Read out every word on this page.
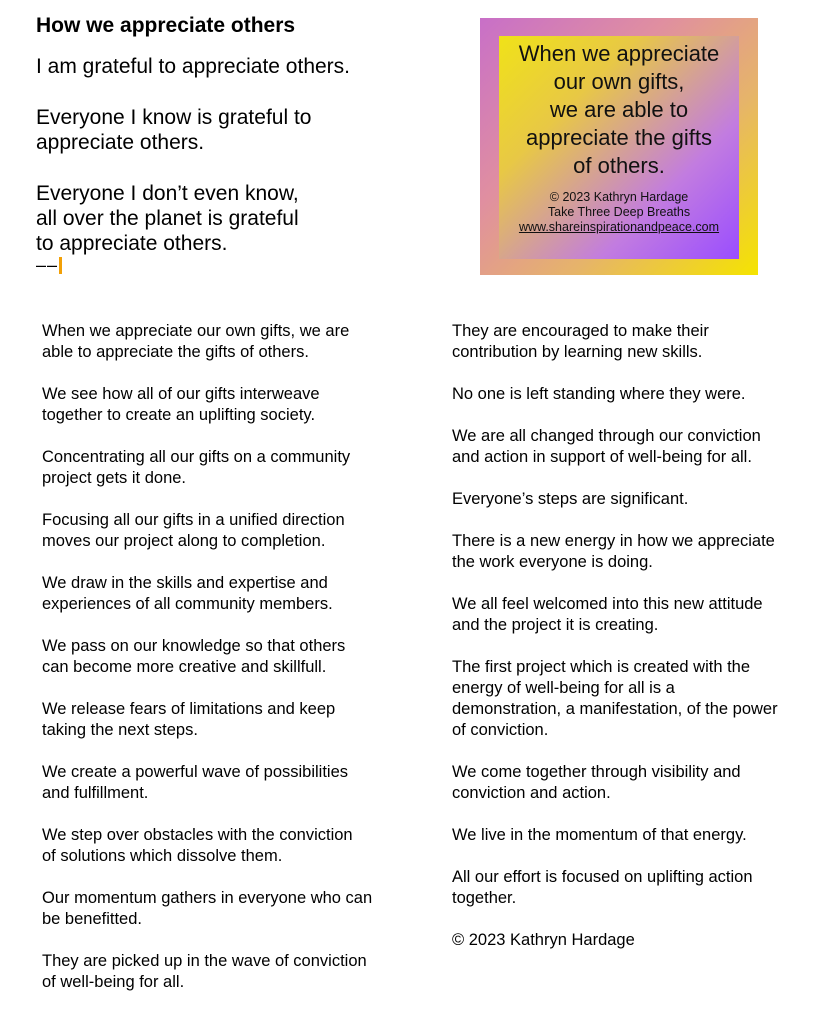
How we appreciate others
I am grateful to appreciate others.
Everyone I know is grateful to
appreciate others.
Everyone I don’t even know,
all over the planet is grateful
to appreciate others.
––
When we appreciate
our own gifts,
we are able to
appreciate the gifts
of others.
© 2023 Kathryn Hardage
Take Three Deep Breaths
www.shareinspirationandpeace.com
When we appreciate our own gifts, we are
able to appreciate the gifts of others.
We see how all of our gifts interweave
together to create an uplifting society.
Concentrating all our gifts on a community
project gets it done.
Focusing all our gifts in a unified direction
moves our project along to completion.
We draw in the skills and expertise and
experiences of all community members.
We pass on our knowledge so that others
can become more creative and skillfull.
We release fears of limitations and keep
taking the next steps.
We create a powerful wave of possibilities
and fulfillment.
We step over obstacles with the conviction
of solutions which dissolve them.
Our momentum gathers in everyone who can
be benefitted.
They are picked up in the wave of conviction
of well-being for all.
They are encouraged to make their
contribution by learning new skills.
No one is left standing where they were.
We are all changed through our conviction
and action in support of well-being for all.
Everyone’s steps are significant.
There is a new energy in how we appreciate
the work everyone is doing.
We all feel welcomed into this new attitude
and the project it is creating.
The first project which is created with the
energy of well-being for all is a
demonstration, a manifestation, of the power
of conviction.
We come together through visibility and
conviction and action.
We live in the momentum of that energy.
All our effort is focused on uplifting action
together.
© 2023 Kathryn Hardage
